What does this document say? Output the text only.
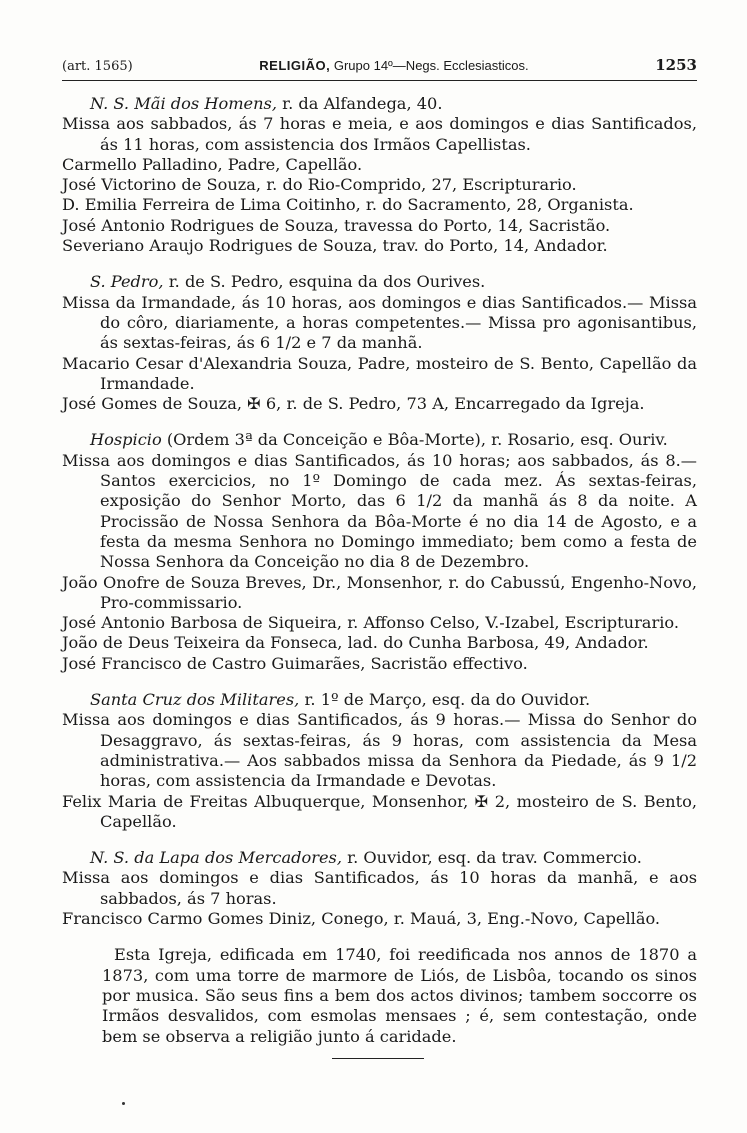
(art. 1565)	RELIGIÃO, Grupo 14º—Negs. Ecclesiasticos.	1253
N. S. Mãi dos Homens, r. da Alfandega, 40.

Missa aos sabbados, ás 7 horas e meia, e aos domingos e dias Santificados, ás 11 horas, com assistencia dos Irmãos Capellistas.

Carmello Palladino, Padre, Capellão.

José Victorino de Souza, r. do Rio-Comprido, 27, Escripturario.

D. Emilia Ferreira de Lima Coitinho, r. do Sacramento, 28, Organista.

José Antonio Rodrigues de Souza, travessa do Porto, 14, Sacristão.

Severiano Araujo Rodrigues de Souza, trav. do Porto, 14, Andador.

S. Pedro, r. de S. Pedro, esquina da dos Ourives.

Missa da Irmandade, ás 10 horas, aos domingos e dias Santificados.— Missa do côro, diariamente, a horas competentes.— Missa pro agonisantibus, ás sextas-feiras, ás 6 1/2 e 7 da manhã.

Macario Cesar d'Alexandria Souza, Padre, mosteiro de S. Bento, Capellão da Irmandade.

José Gomes de Souza, ✠ 6, r. de S. Pedro, 73 A, Encarregado da Igreja.

Hospicio (Ordem 3ª da Conceição e Bôa-Morte), r. Rosario, esq. Ouriv.

Missa aos domingos e dias Santificados, ás 10 horas; aos sabbados, ás 8.— Santos exercicios, no 1º Domingo de cada mez. Ás sextas-feiras, exposição do Senhor Morto, das 6 1/2 da manhã ás 8 da noite. A Procissão de Nossa Senhora da Bôa-Morte é no dia 14 de Agosto, e a festa da mesma Senhora no Domingo immediato; bem como a festa de Nossa Senhora da Conceição no dia 8 de Dezembro.

João Onofre de Souza Breves, Dr., Monsenhor, r. do Cabussú, Engenho-Novo, Pro-commissario.

José Antonio Barbosa de Siqueira, r. Affonso Celso, V.-Izabel, Escripturario.

João de Deus Teixeira da Fonseca, lad. do Cunha Barbosa, 49, Andador.

José Francisco de Castro Guimarães, Sacristão effectivo.

Santa Cruz dos Militares, r. 1º de Março, esq. da do Ouvidor.

Missa aos domingos e dias Santificados, ás 9 horas.— Missa do Senhor do Desaggravo, ás sextas-feiras, ás 9 horas, com assistencia da Mesa administrativa.— Aos sabbados missa da Senhora da Piedade, ás 9 1/2 horas, com assistencia da Irmandade e Devotas.

Felix Maria de Freitas Albuquerque, Monsenhor, ✠ 2, mosteiro de S. Bento, Capellão.

N. S. da Lapa dos Mercadores, r. Ouvidor, esq. da trav. Commercio.

Missa aos domingos e dias Santificados, ás 10 horas da manhã, e aos sabbados, ás 7 horas.

Francisco Carmo Gomes Diniz, Conego, r. Mauá, 3, Eng.-Novo, Capellão.

Esta Igreja, edificada em 1740, foi reedificada nos annos de 1870 a 1873, com uma torre de marmore de Liós, de Lisbôa, tocando os sinos por musica. São seus fins a bem dos actos divinos; tambem soccorre os Irmãos desvalidos, com esmolas mensaes ; é, sem contestação, onde bem se observa a religião junto á caridade.
